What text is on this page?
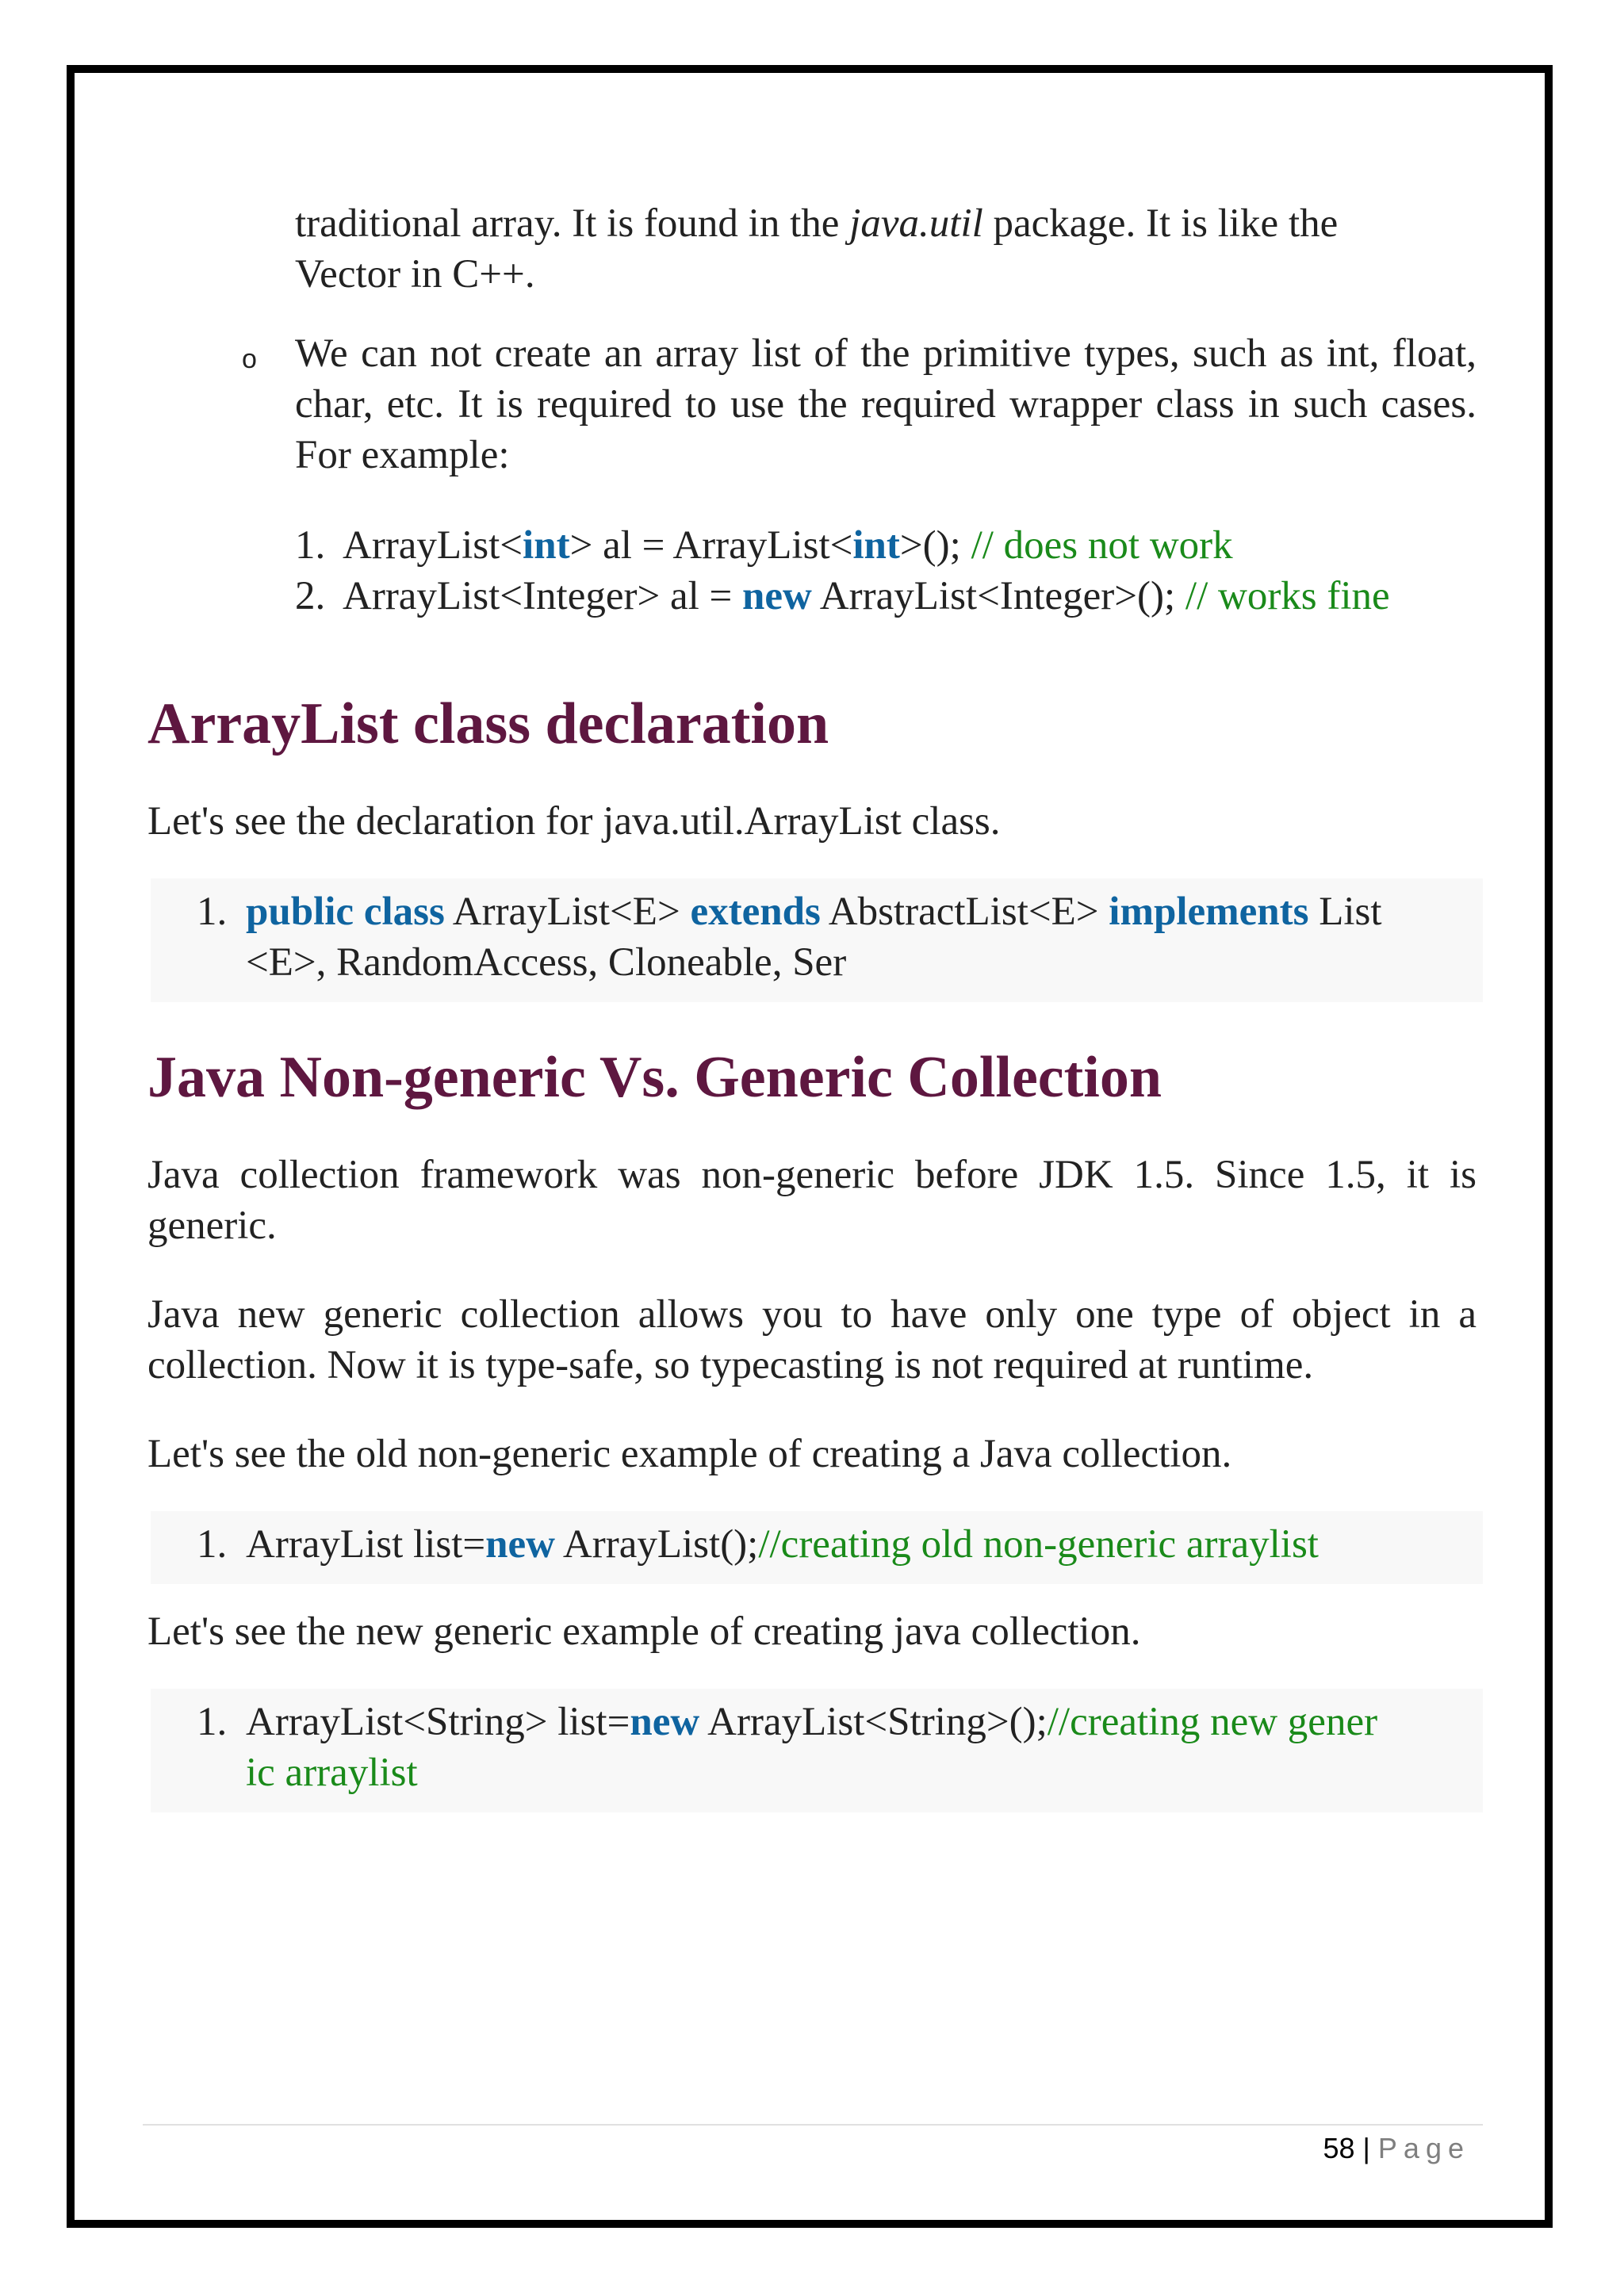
traditional array. It is found in the java.util package. It is like the

Vector in C++.

o We can not create an array list of the primitive types, such as int, float, char, etc. It is required to use the required wrapper class in such cases. For example:

1. ArrayList<int> al = ArrayList<int>(); // does not work

2. ArrayList<Integer> al = new ArrayList<Integer>(); // works fine

ArrayList class declaration

Let's see the declaration for java.util.ArrayList class.

1. public class ArrayList<E> extends AbstractList<E> implements List

<E>, RandomAccess, Cloneable, Ser

Java Non-generic Vs. Generic Collection

Java collection framework was non-generic before JDK 1.5. Since 1.5, it is generic.

Java new generic collection allows you to have only one type of object in a collection. Now it is type-safe, so typecasting is not required at runtime.

Let's see the old non-generic example of creating a Java collection.

1. ArrayList list=new ArrayList();//creating old non-generic arraylist

Let's see the new generic example of creating java collection.

1. ArrayList<String> list=new ArrayList<String>();//creating new gener

ic arraylist

58 | Page
